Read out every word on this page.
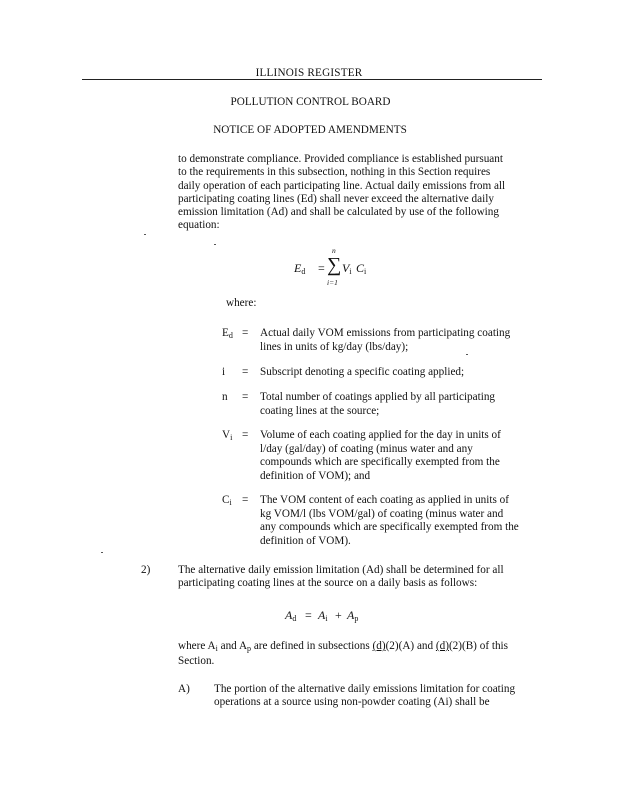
ILLINOIS REGISTER
POLLUTION CONTROL BOARD
NOTICE OF ADOPTED AMENDMENTS
to demonstrate compliance. Provided compliance is established pursuant
to the requirements in this subsection, nothing in this Section requires
daily operation of each participating line. Actual daily emissions from all
participating coating lines (Ed) shall never exceed the alternative daily
emission limitation (Ad) and shall be calculated by use of the following
equation:
$E_d$ = ∑
n
i=1
$V_i$ $C_i$
where:
$E_d$ = Actual daily VOM emissions from participating coating
lines in units of kg/day (lbs/day);
i = Subscript denoting a specific coating applied;
n = Total number of coatings applied by all participating
coating lines at the source;
$V_i$ = Volume of each coating applied for the day in units of
l/day (gal/day) of coating (minus water and any
compounds which are specifically exempted from the
definition of VOM); and
$C_i$ = The VOM content of each coating as applied in units of
kg VOM/l (lbs VOM/gal) of coating (minus water and
any compounds which are specifically exempted from the
definition of VOM).
2) The alternative daily emission limitation (Ad) shall be determined for all
participating coating lines at the source on a daily basis as follows:
$A_d = A_i + A_p$
where $A_i$ and $A_p$ are defined in subsections (d)(2)(A) and (d)(2)(B) of this
Section.
A) The portion of the alternative daily emissions limitation for coating
operations at a source using non-powder coating (Ai) shall be
